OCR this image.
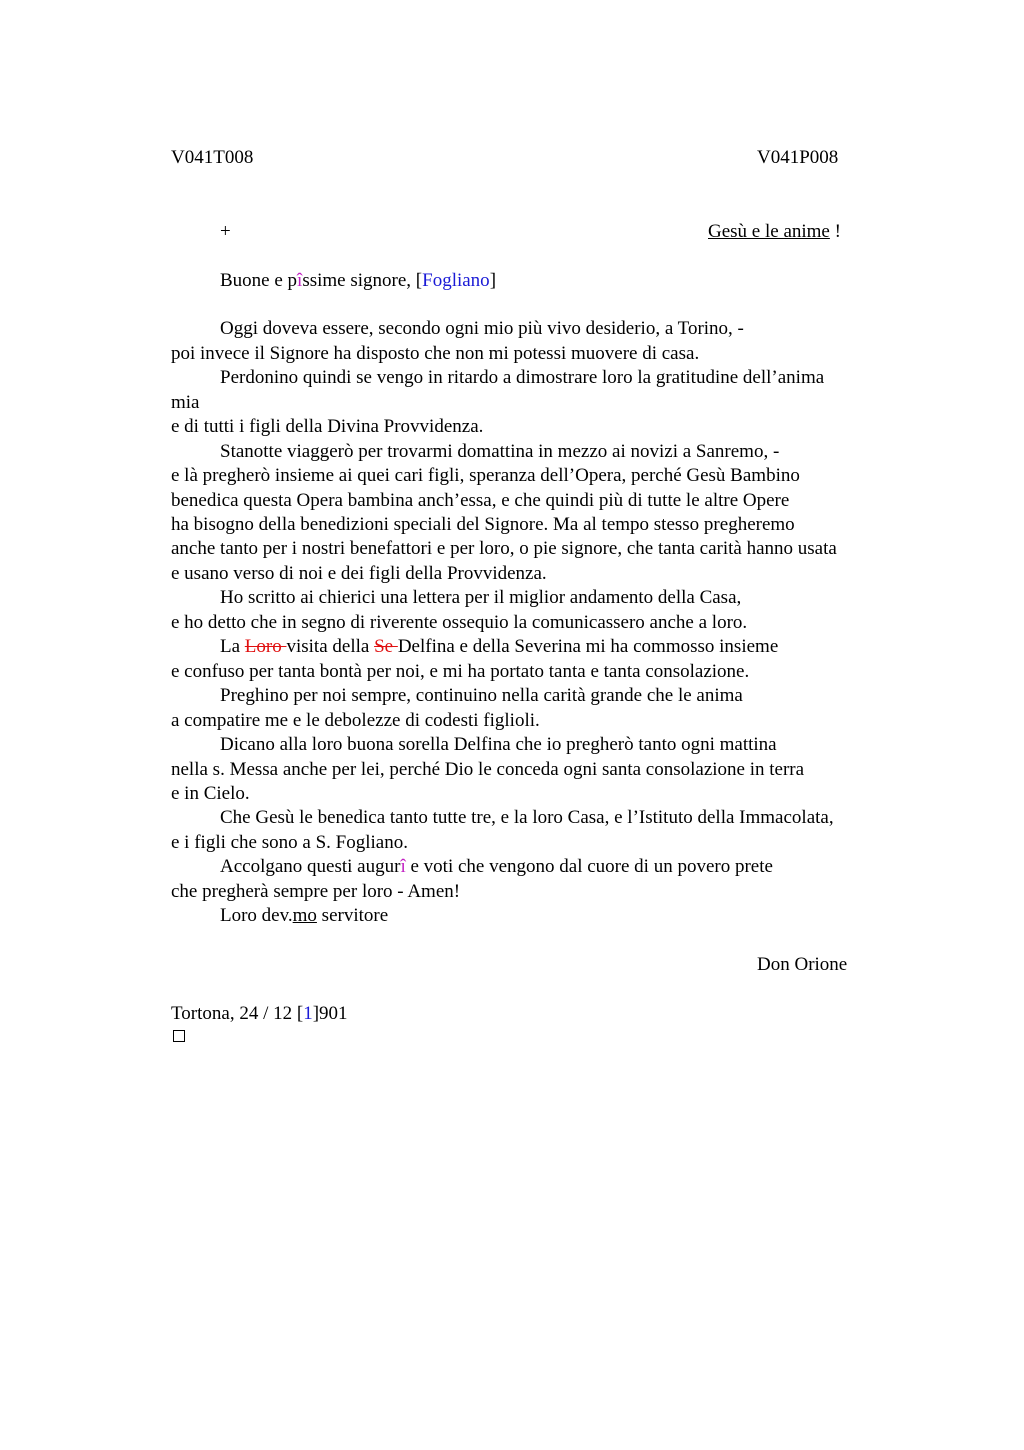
V041T008	V041P008
+	Gesù e le anime !
Buone e pîssime signore, [Fogliano]
Oggi doveva essere, secondo ogni mio più vivo desiderio, a Torino, -
poi invece il Signore ha disposto che non mi potessi muovere di casa.
Perdonino quindi se vengo in ritardo a dimostrare loro la gratitudine dell’anima
mia
e di tutti i figli della Divina Provvidenza.
Stanotte viaggerò per trovarmi domattina in mezzo ai novizi a Sanremo, -
e là pregherò insieme ai quei cari figli, speranza dell’Opera, perché Gesù Bambino
benedica questa Opera bambina anch’essa, e che quindi più di tutte le altre Opere
ha bisogno della benedizioni speciali del Signore. Ma al tempo stesso pregheremo
anche tanto per i nostri benefattori e per loro, o pie signore, che tanta carità hanno usata
e usano verso di noi e dei figli della Provvidenza.
Ho scritto ai chierici una lettera per il miglior andamento della Casa,
e ho detto che in segno di riverente ossequio la comunicassero anche a loro.
La Loro visita della Se Delfina e della Severina mi ha commosso insieme
e confuso per tanta bontà per noi, e mi ha portato tanta e tanta consolazione.
Preghino per noi sempre, continuino nella carità grande che le anima
a compatire me e le debolezze di codesti figlioli.
Dicano alla loro buona sorella Delfina che io pregherò tanto ogni mattina
nella s. Messa anche per lei, perché Dio le conceda ogni santa consolazione in terra
e in Cielo.
Che Gesù le benedica tanto tutte tre, e la loro Casa, e l’Istituto della Immacolata,
e i figli che sono a S. Fogliano.
Accolgano questi augurî e voti che vengono dal cuore di un povero prete
che pregherà sempre per loro - Amen!
Loro dev.mo servitore
Don Orione
Tortona, 24 / 12 [1]901
